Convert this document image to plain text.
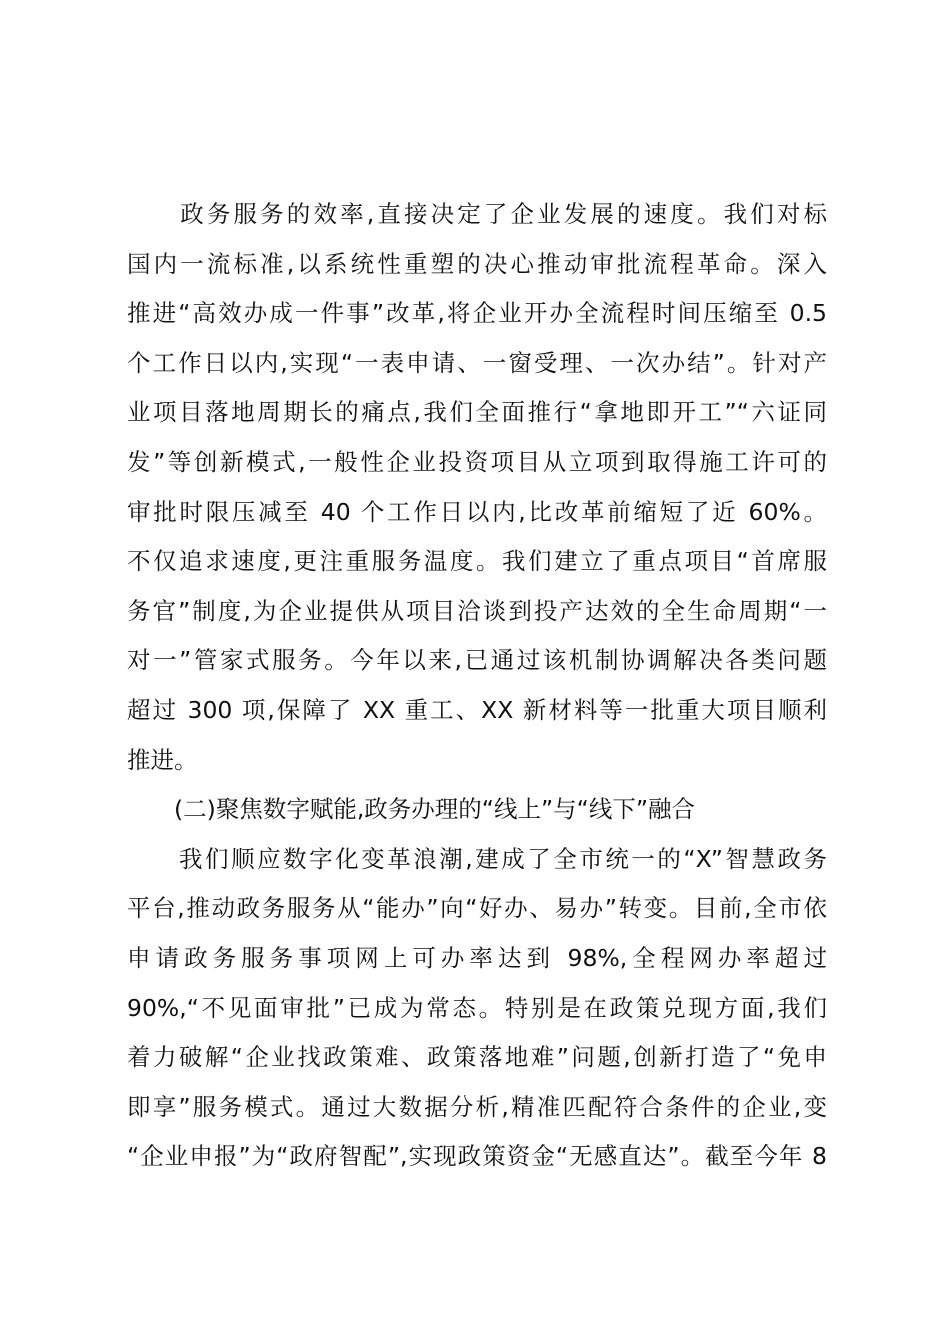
　　政务服务的效率,直接决定了企业发展的速度。我们对标
国内一流标准,以系统性重塑的决心推动审批流程革命。深入
推进“高效办成一件事”改革,将企业开办全流程时间压缩至 0.5
个工作日以内,实现“一表申请、一窗受理、一次办结”。针对产
业项目落地周期长的痛点,我们全面推行“拿地即开工”“六证同
发”等创新模式,一般性企业投资项目从立项到取得施工许可的
审批时限压减至 40 个工作日以内,比改革前缩短了近 60%。
不仅追求速度,更注重服务温度。我们建立了重点项目“首席服
务官”制度,为企业提供从项目洽谈到投产达效的全生命周期“一
对一”管家式服务。今年以来,已通过该机制协调解决各类问题
超过 300 项,保障了 XX 重工、XX 新材料等一批重大项目顺利
推进。
　　(二)聚焦数字赋能,政务办理的“线上”与“线下”融合
　　我们顺应数字化变革浪潮,建成了全市统一的“X”智慧政务
平台,推动政务服务从“能办”向“好办、易办”转变。目前,全市依
申请政务服务事项网上可办率达到 98%,全程网办率超过
90%,“不见面审批”已成为常态。特别是在政策兑现方面,我们
着力破解“企业找政策难、政策落地难”问题,创新打造了“免申
即享”服务模式。通过大数据分析,精准匹配符合条件的企业,变
“企业申报”为“政府智配”,实现政策资金“无感直达”。截至今年 8
